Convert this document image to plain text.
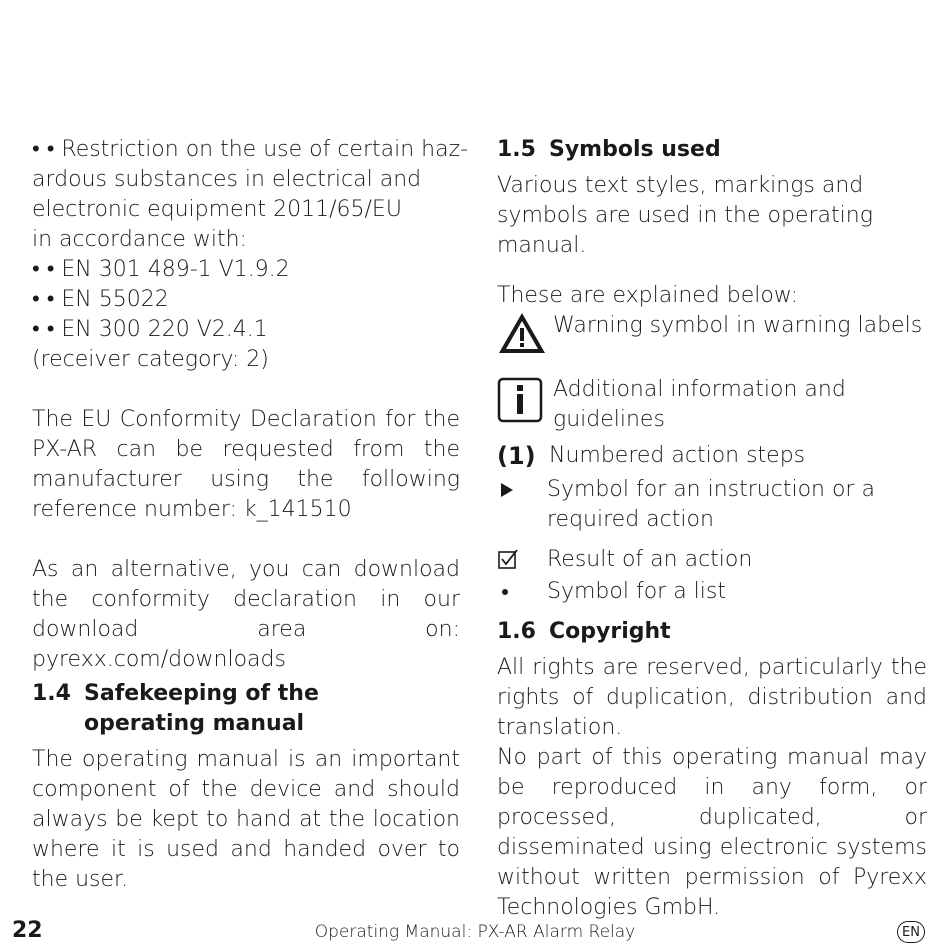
• • Restriction on the use of certain haz-
ardous substances in electrical and
electronic equipment 2011/65/EU
in accordance with:
• • EN 301 489-1 V1.9.2
• • EN 55022
• • EN 300 220 V2.4.1
(receiver category: 2)
The EU Conformity Declaration for the PX-AR can be requested from the manufacturer using the following reference number: k_141510
As an alternative, you can download the conformity declaration in our download area on: pyrexx.com/downloads
1.4 Safekeeping of the
operating manual
The operating manual is an important component of the device and should always be kept to hand at the location where it is used and handed over to the user.
1.5 Symbols used
Various text styles, markings and symbols are used in the operating manual.
These are explained below:
Warning symbol in warning labels
Additional information and guidelines
(1) Numbered action steps
Symbol for an instruction or a required action
Result of an action
Symbol for a list
1.6 Copyright
All rights are reserved, particularly the rights of duplication, distribution and translation.
No part of this operating manual may be reproduced in any form, or processed, duplicated, or disseminated using electronic systems without written permission of Pyrexx Technologies GmbH.
22	Operating Manual: PX-AR Alarm Relay	EN
